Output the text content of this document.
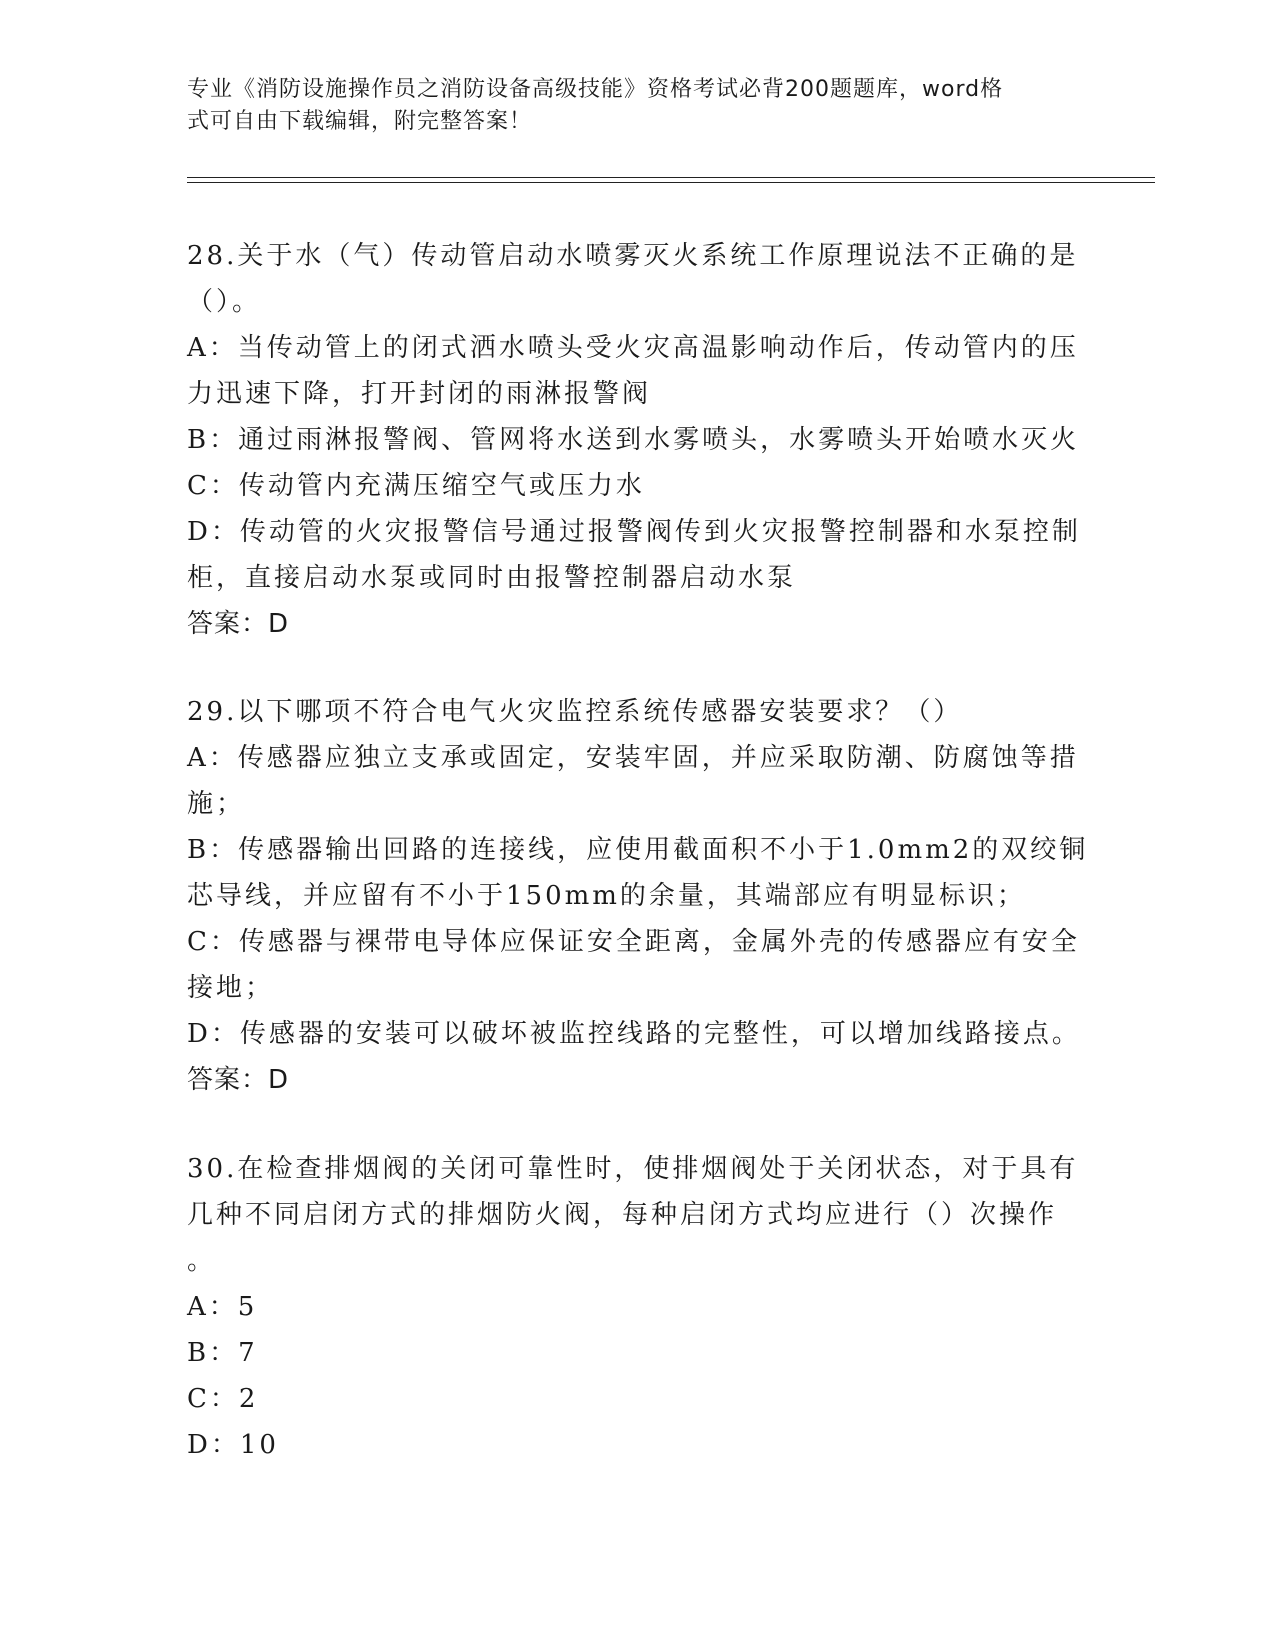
专业《消防设施操作员之消防设备高级技能》资格考试必背200题题库，word格
式可自由下载编辑，附完整答案！
28.关于水（气）传动管启动水喷雾灭火系统工作原理说法不正确的是
（）。
A：当传动管上的闭式洒水喷头受火灾高温影响动作后，传动管内的压
力迅速下降，打开封闭的雨淋报警阀
B：通过雨淋报警阀、管网将水送到水雾喷头，水雾喷头开始喷水灭火
C：传动管内充满压缩空气或压力水
D：传动管的火灾报警信号通过报警阀传到火灾报警控制器和水泵控制
柜，直接启动水泵或同时由报警控制器启动水泵
答案：D
29.以下哪项不符合电气火灾监控系统传感器安装要求？（）
A：传感器应独立支承或固定，安装牢固，并应采取防潮、防腐蚀等措
施；
B：传感器输出回路的连接线，应使用截面积不小于1.0mm2的双绞铜
芯导线，并应留有不小于150mm的余量，其端部应有明显标识；
C：传感器与裸带电导体应保证安全距离，金属外壳的传感器应有安全
接地；
D：传感器的安装可以破坏被监控线路的完整性，可以增加线路接点。
答案：D
30.在检查排烟阀的关闭可靠性时，使排烟阀处于关闭状态，对于具有
几种不同启闭方式的排烟防火阀，每种启闭方式均应进行（）次操作
。
A：5
B：7
C：2
D：10
